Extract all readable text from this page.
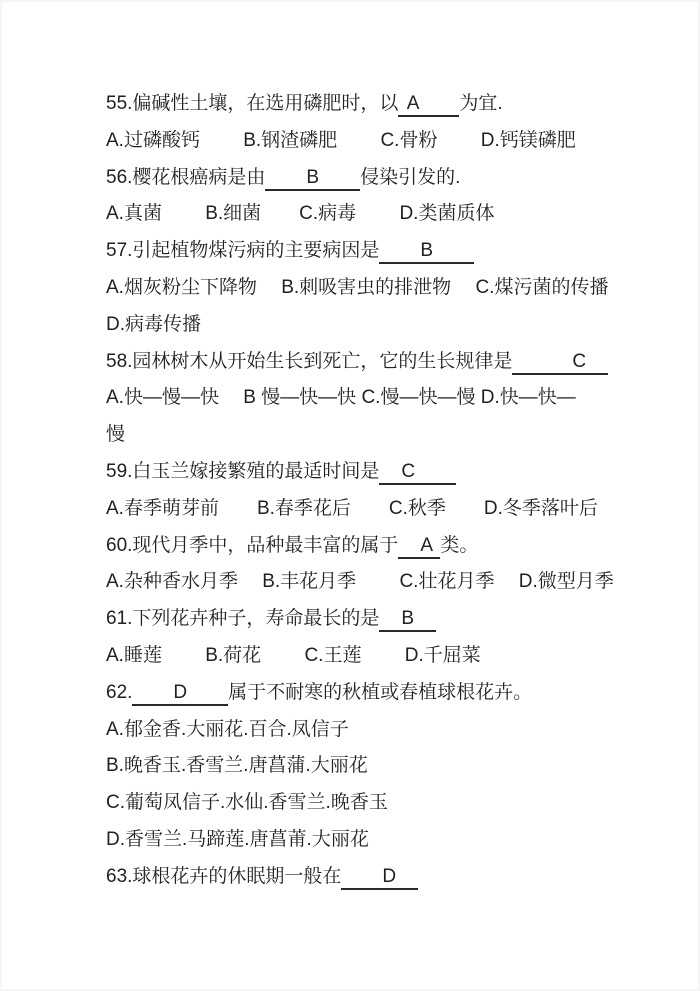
55.偏碱性土壤，在选用磷肥时，以 A　　为宜.
A.过磷酸钙　　 B.钢渣磷肥　　 C.骨粉　　 D.钙镁磷肥
56.樱花根癌病是由　　B　　侵染引发的.
A.真菌　　 B.细菌　　C.病毒　　 D.类菌质体
57.引起植物煤污病的主要病因是　　B　　
A.烟灰粉尘下降物　 B.刺吸害虫的排泄物　 C.煤污菌的传播
D.病毒传播
58.园林树木从开始生长到死亡，它的生长规律是　　　C　
A.快—慢—快　 B 慢—快—快 C.慢—快—慢 D.快—快—
慢
59.白玉兰嫁接繁殖的最适时间是　C　　
A.春季萌芽前　　B.春季花后　　C.秋季　　D.冬季落叶后
60.现代月季中，品种最丰富的属于　A 类。
A.杂种香水月季　 B.丰花月季　　 C.壮花月季　 D.微型月季
61.下列花卉种子，寿命最长的是　B　
A.睡莲　　 B.荷花　　 C.王莲　　 D.千屈菜
62.　　D　　属于不耐寒的秋植或春植球根花卉。
A.郁金香.大丽花.百合.凤信子
B.晚香玉.香雪兰.唐菖蒲.大丽花
C.葡萄凤信子.水仙.香雪兰.晚香玉
D.香雪兰.马蹄莲.唐菖莆.大丽花
63.球根花卉的休眠期一般在　　D　
